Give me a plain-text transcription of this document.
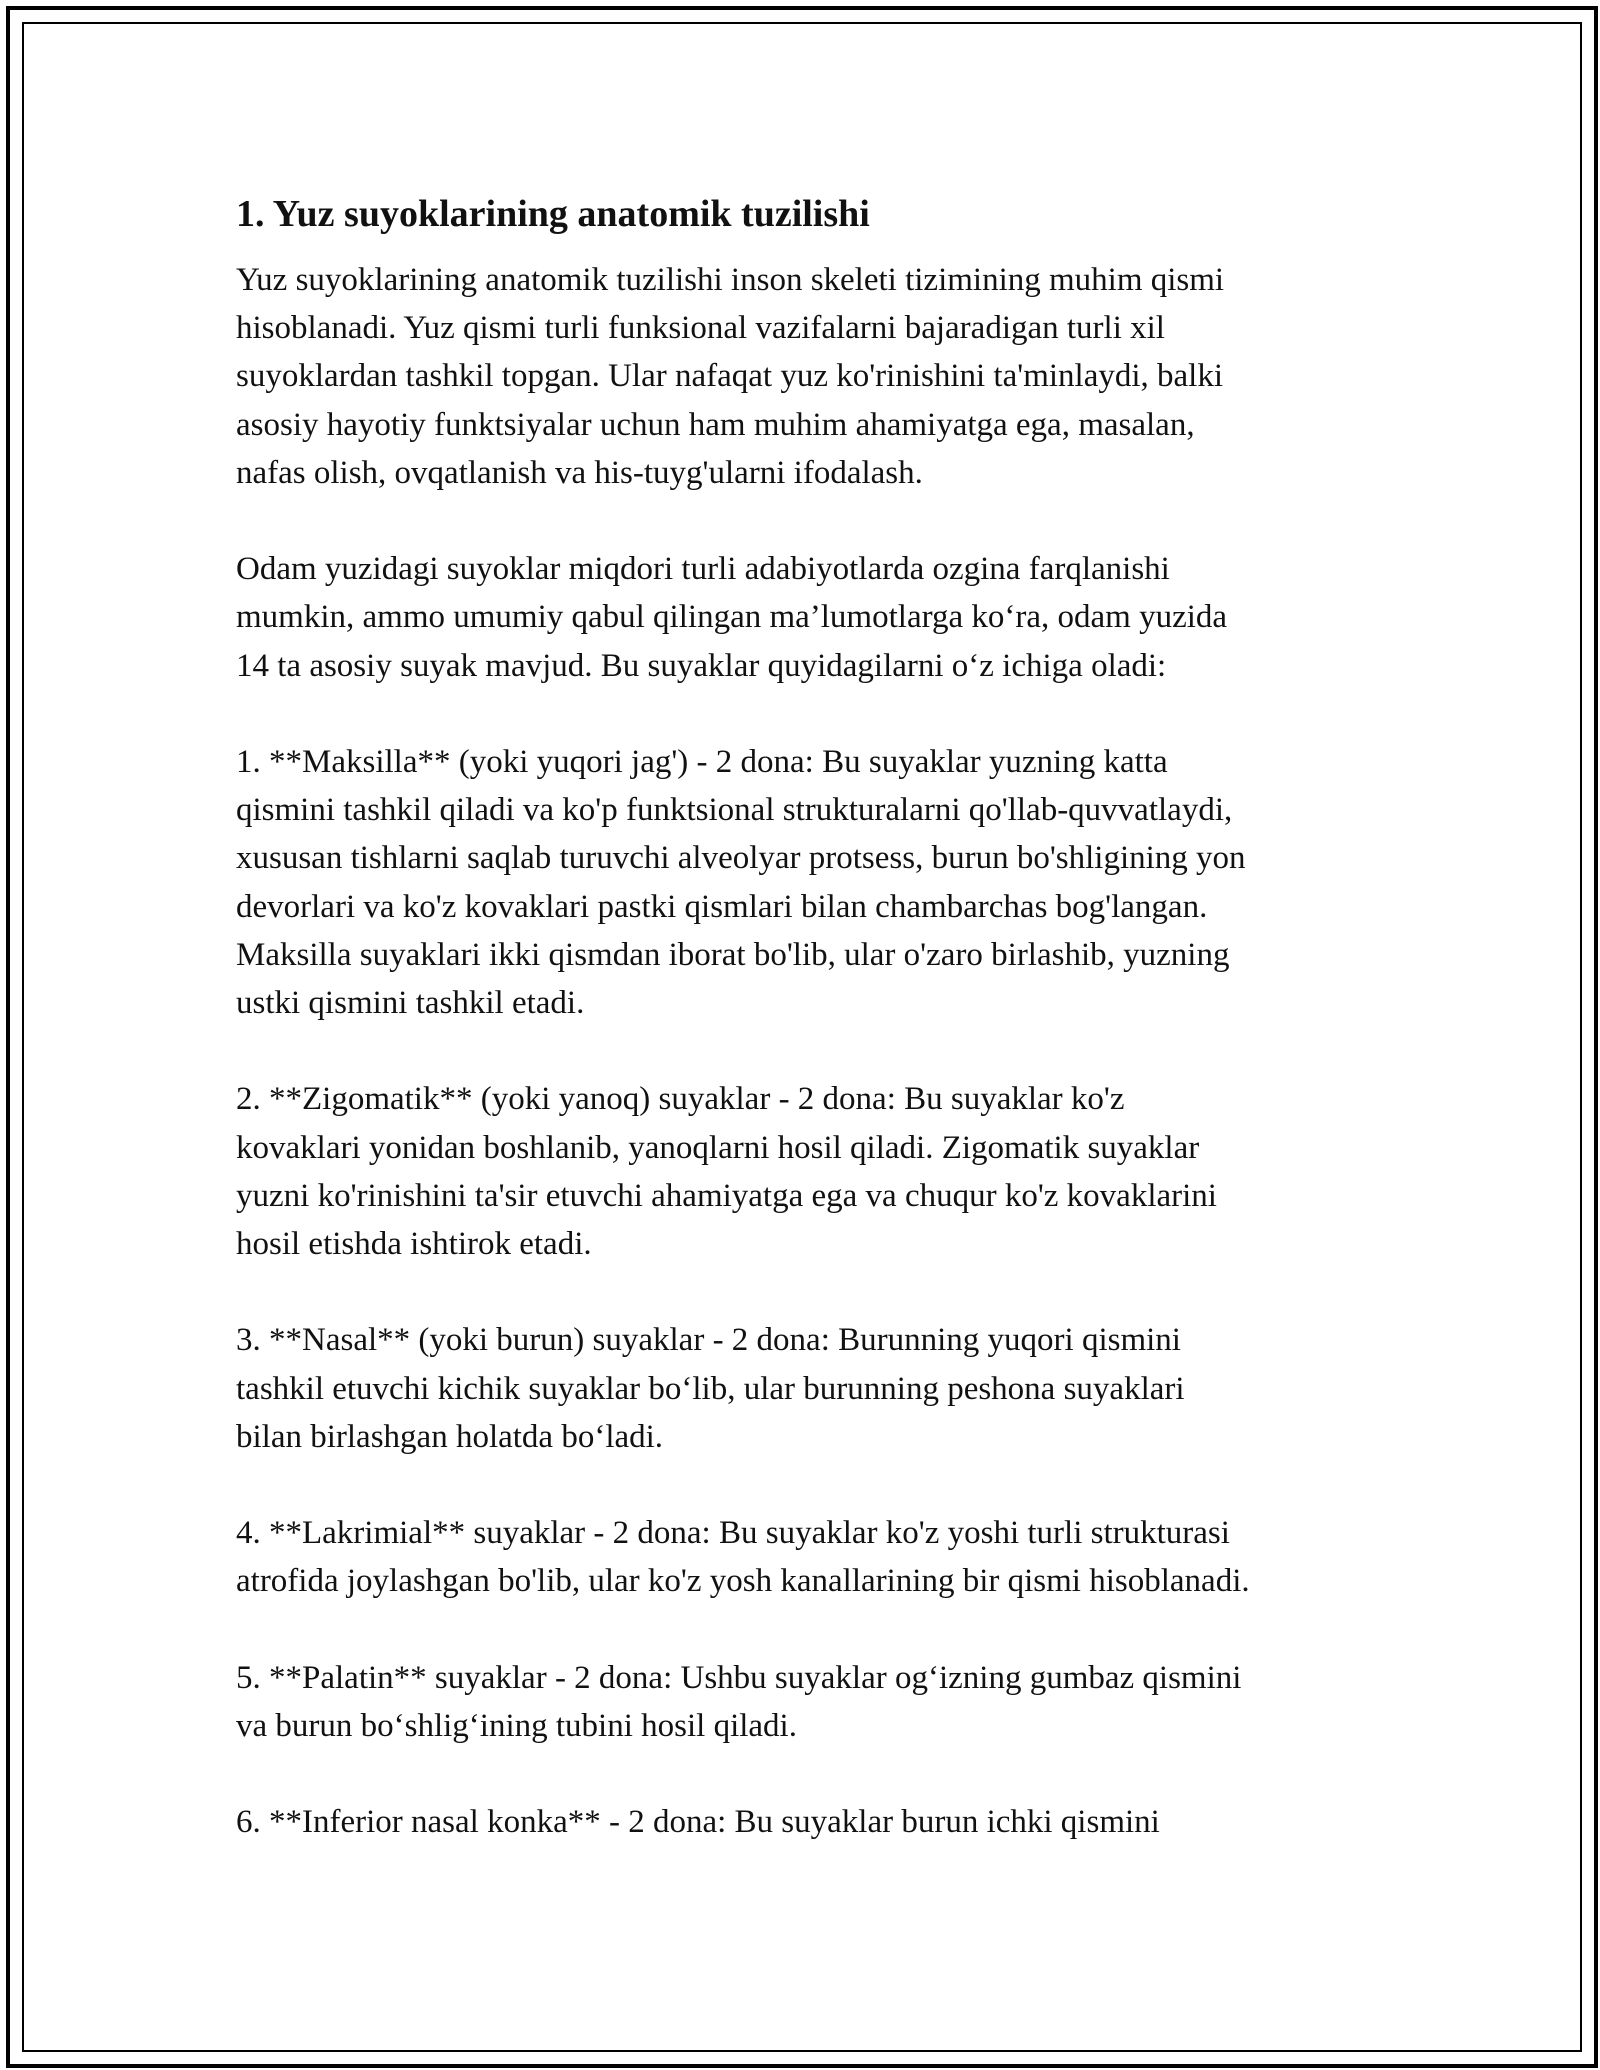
1. Yuz suyoklarining anatomik tuzilishi

Yuz suyoklarining anatomik tuzilishi inson skeleti tizimining muhim qismi
hisoblanadi. Yuz qismi turli funksional vazifalarni bajaradigan turli xil
suyoklardan tashkil topgan. Ular nafaqat yuz ko'rinishini ta'minlaydi, balki
asosiy hayotiy funktsiyalar uchun ham muhim ahamiyatga ega, masalan,
nafas olish, ovqatlanish va his-tuyg'ularni ifodalash.

Odam yuzidagi suyoklar miqdori turli adabiyotlarda ozgina farqlanishi
mumkin, ammo umumiy qabul qilingan ma’lumotlarga ko‘ra, odam yuzida
14 ta asosiy suyak mavjud. Bu suyaklar quyidagilarni o‘z ichiga oladi:

1. **Maksilla** (yoki yuqori jag') - 2 dona: Bu suyaklar yuzning katta
qismini tashkil qiladi va ko'p funktsional strukturalarni qo'llab-quvvatlaydi,
xususan tishlarni saqlab turuvchi alveolyar protsess, burun bo'shligining yon
devorlari va ko'z kovaklari pastki qismlari bilan chambarchas bog'langan.
Maksilla suyaklari ikki qismdan iborat bo'lib, ular o'zaro birlashib, yuzning
ustki qismini tashkil etadi.

2. **Zigomatik** (yoki yanoq) suyaklar - 2 dona: Bu suyaklar ko'z
kovaklari yonidan boshlanib, yanoqlarni hosil qiladi. Zigomatik suyaklar
yuzni ko'rinishini ta'sir etuvchi ahamiyatga ega va chuqur ko'z kovaklarini
hosil etishda ishtirok etadi.

3. **Nasal** (yoki burun) suyaklar - 2 dona: Burunning yuqori qismini
tashkil etuvchi kichik suyaklar bo‘lib, ular burunning peshona suyaklari
bilan birlashgan holatda bo‘ladi.

4. **Lakrimial** suyaklar - 2 dona: Bu suyaklar ko'z yoshi turli strukturasi
atrofida joylashgan bo'lib, ular ko'z yosh kanallarining bir qismi hisoblanadi.

5. **Palatin** suyaklar - 2 dona: Ushbu suyaklar og‘izning gumbaz qismini
va burun bo‘shlig‘ining tubini hosil qiladi.

6. **Inferior nasal konka** - 2 dona: Bu suyaklar burun ichki qismini
